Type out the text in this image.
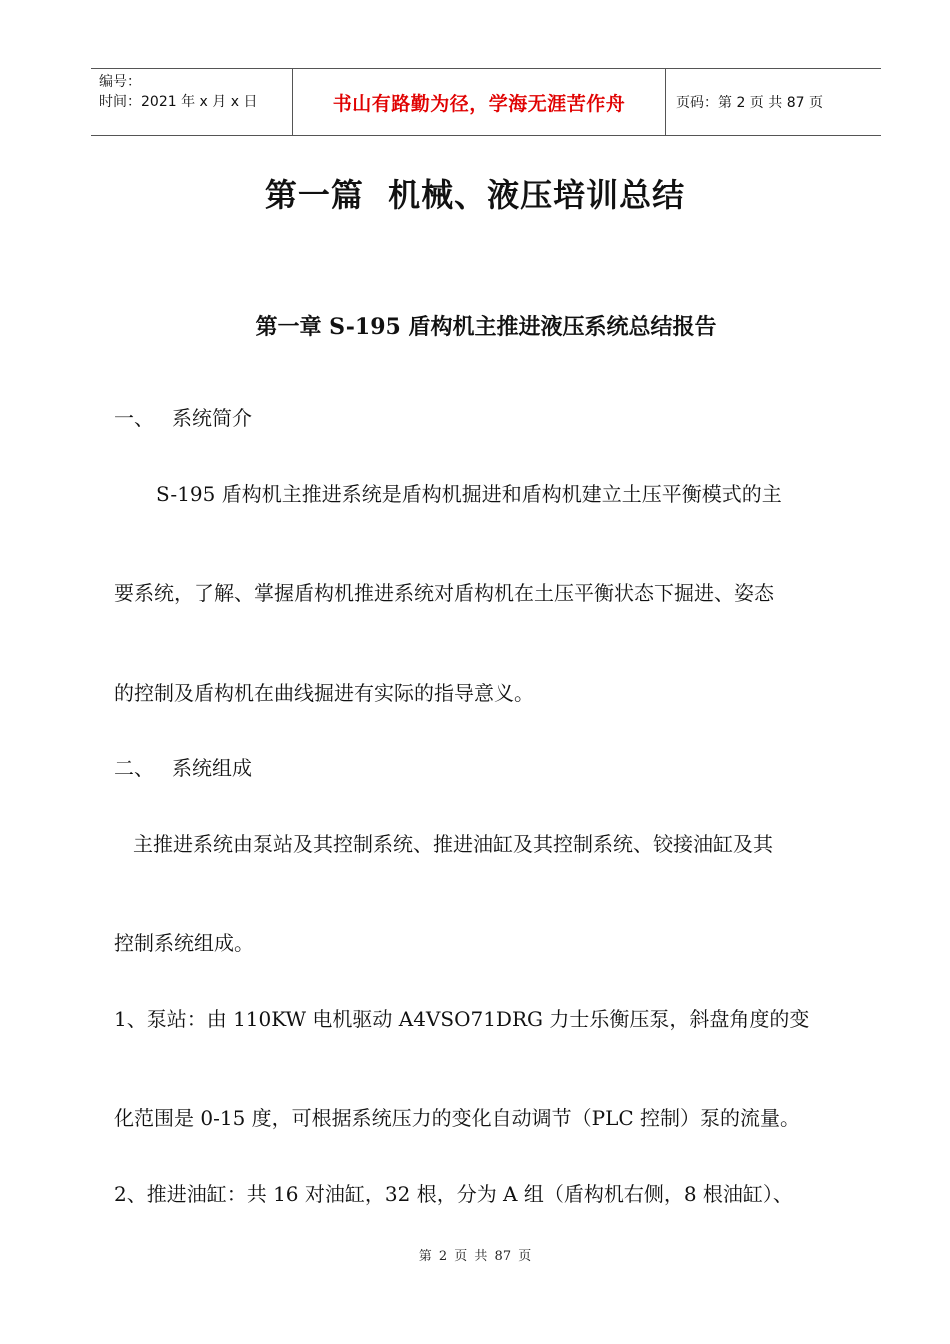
编号：
时间：2021 年 x 月 x 日	书山有路勤为径，学海无涯苦作舟	页码：第 2 页 共 87 页
第一篇  机械、液压培训总结
第一章 S-195 盾构机主推进液压系统总结报告
一、 系统简介
S-195 盾构机主推进系统是盾构机掘进和盾构机建立土压平衡模式的主
要系统，了解、掌握盾构机推进系统对盾构机在土压平衡状态下掘进、姿态
的控制及盾构机在曲线掘进有实际的指导意义。
二、 系统组成
主推进系统由泵站及其控制系统、推进油缸及其控制系统、铰接油缸及其
控制系统组成。
1、泵站：由 110KW 电机驱动 A4VSO71DRG 力士乐衡压泵，斜盘角度的变
化范围是 0-15 度，可根据系统压力的变化自动调节（PLC 控制）泵的流量。
2、推进油缸：共 16 对油缸，32 根，分为 A 组（盾构机右侧，8 根油缸）、
第 2 页 共 87 页
